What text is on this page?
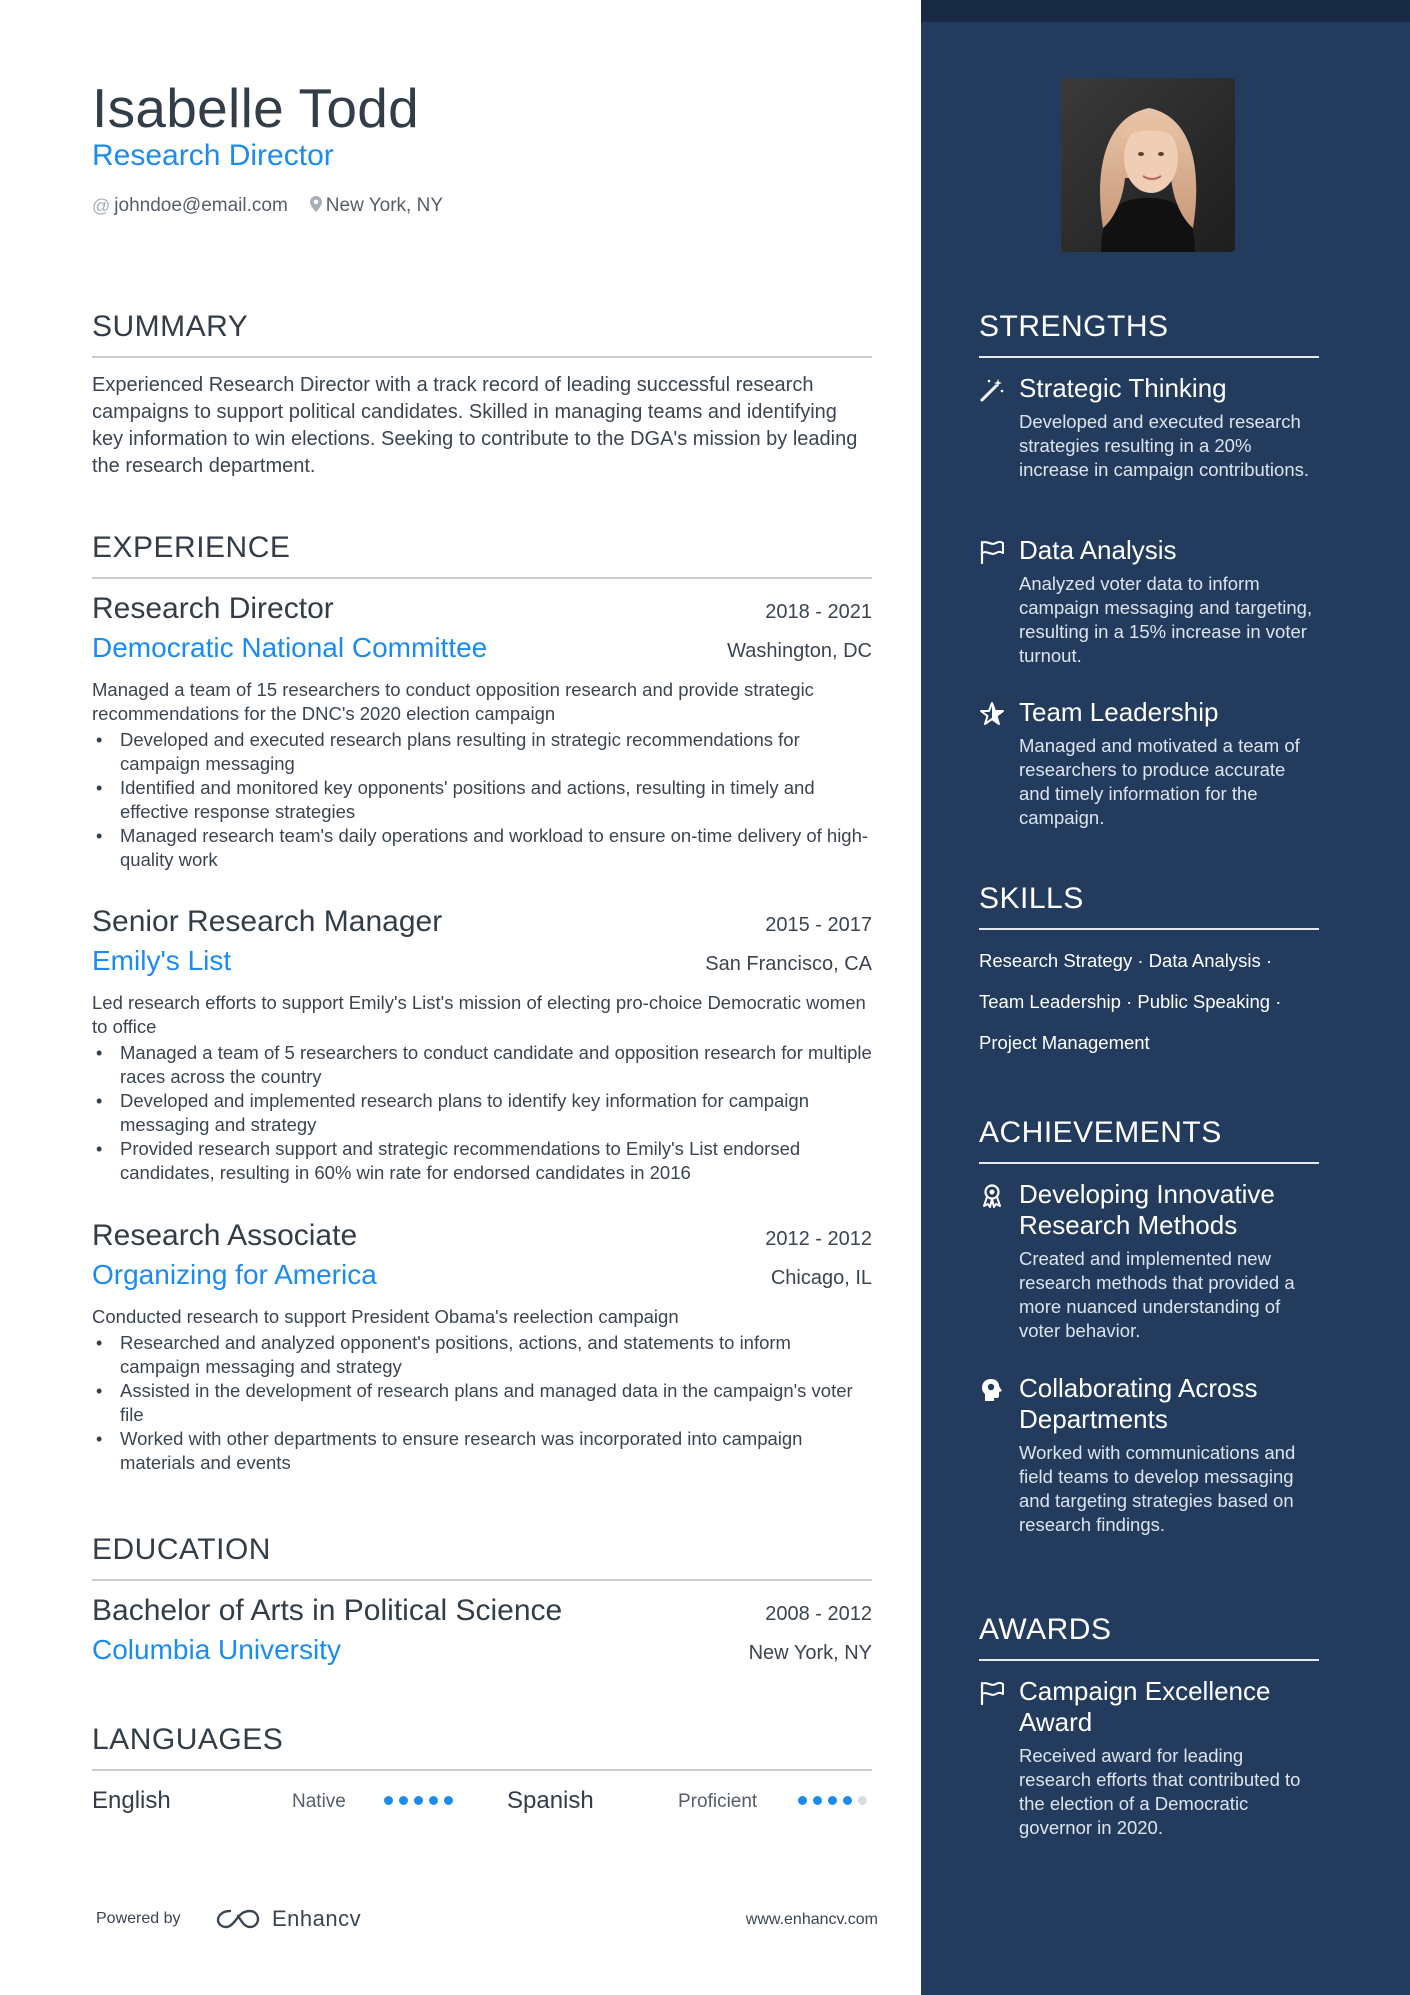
Isabelle Todd
Research Director
@ johndoe@email.com New York, NY
SUMMARY
Experienced Research Director with a track record of leading successful research campaigns to support political candidates. Skilled in managing teams and identifying key information to win elections. Seeking to contribute to the DGA's mission by leading the research department.
EXPERIENCE
Research Director	2018 - 2021
Democratic National Committee	Washington, DC
Managed a team of 15 researchers to conduct opposition research and provide strategic recommendations for the DNC's 2020 election campaign
• Developed and executed research plans resulting in strategic recommendations for campaign messaging
• Identified and monitored key opponents' positions and actions, resulting in timely and effective response strategies
• Managed research team's daily operations and workload to ensure on-time delivery of high-quality work
Senior Research Manager	2015 - 2017
Emily's List	San Francisco, CA
Led research efforts to support Emily's List's mission of electing pro-choice Democratic women to office
• Managed a team of 5 researchers to conduct candidate and opposition research for multiple races across the country
• Developed and implemented research plans to identify key information for campaign messaging and strategy
• Provided research support and strategic recommendations to Emily's List endorsed candidates, resulting in 60% win rate for endorsed candidates in 2016
Research Associate	2012 - 2012
Organizing for America	Chicago, IL
Conducted research to support President Obama's reelection campaign
• Researched and analyzed opponent's positions, actions, and statements to inform campaign messaging and strategy
• Assisted in the development of research plans and managed data in the campaign's voter file
• Worked with other departments to ensure research was incorporated into campaign materials and events
EDUCATION
Bachelor of Arts in Political Science	2008 - 2012
Columbia University	New York, NY
LANGUAGES
English	Native	Spanish	Proficient
Powered by	Enhancv	www.enhancv.com
STRENGTHS
Strategic Thinking
Developed and executed research strategies resulting in a 20% increase in campaign contributions.
Data Analysis
Analyzed voter data to inform campaign messaging and targeting, resulting in a 15% increase in voter turnout.
Team Leadership
Managed and motivated a team of researchers to produce accurate and timely information for the campaign.
SKILLS
Research Strategy · Data Analysis ·
Team Leadership · Public Speaking ·
Project Management
ACHIEVEMENTS
Developing Innovative Research Methods
Created and implemented new research methods that provided a more nuanced understanding of voter behavior.
Collaborating Across Departments
Worked with communications and field teams to develop messaging and targeting strategies based on research findings.
AWARDS
Campaign Excellence Award
Received award for leading research efforts that contributed to the election of a Democratic governor in 2020.
